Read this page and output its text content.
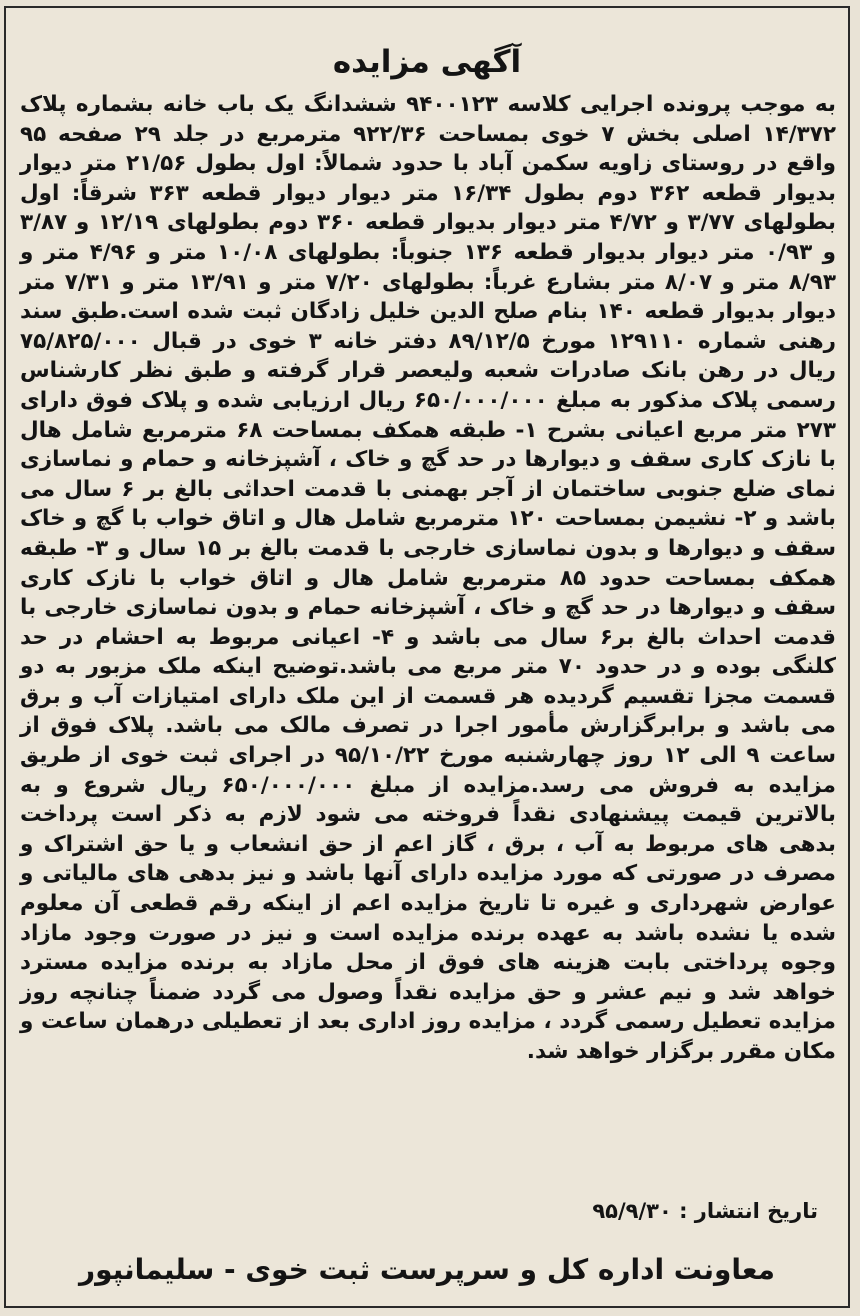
آگهی مزایده

به موجب پرونده اجرایی کلاسه ۹۴۰۰۱۲۳ ششدانگ یک باب خانه بشماره پلاک ۱۴/۳۷۲ اصلی بخش ۷ خوی بمساحت ۹۲۲/۳۶ مترمربع در جلد ۲۹ صفحه ۹۵ واقع در روستای زاویه سکمن آباد با حدود شمالاً: اول بطول ۲۱/۵۶ متر دیوار بدیوار قطعه ۳۶۲ دوم بطول ۱۶/۳۴ متر دیوار دیوار قطعه ۳۶۳ شرقاً: اول بطولهای ۳/۷۷ و ۴/۷۲ متر دیوار بدیوار قطعه ۳۶۰ دوم بطولهای ۱۲/۱۹ و ۳/۸۷ و ۰/۹۳ متر دیوار بدیوار قطعه ۱۳۶ جنوباً: بطولهای ۱۰/۰۸ متر و ۴/۹۶ متر و ۸/۹۳ متر و ۸/۰۷ متر بشارع غرباً: بطولهای ۷/۲۰ متر و ۱۳/۹۱ متر و ۷/۳۱ متر دیوار بدیوار قطعه ۱۴۰ بنام صلح الدین خلیل زادگان ثبت شده است.طبق سند رهنی شماره ۱۲۹۱۱۰ مورخ ۸۹/۱۲/۵ دفتر خانه ۳ خوی در قبال ۷۵/۸۲۵/۰۰۰ ریال در رهن بانک صادرات شعبه ولیعصر قرار گرفته و طبق نظر کارشناس رسمی پلاک مذکور به مبلغ ۶۵۰/۰۰۰/۰۰۰ ریال ارزیابی شده و پلاک فوق دارای ۲۷۳ متر مربع اعیانی بشرح ۱- طبقه همکف بمساحت ۶۸ مترمربع شامل هال با نازک کاری سقف و دیوارها در حد گچ و خاک ، آشپزخانه و حمام و نماسازی نمای ضلع جنوبی ساختمان از آجر بهمنی با قدمت احداثی بالغ بر ۶ سال می باشد و ۲- نشیمن بمساحت ۱۲۰ مترمربع شامل هال و اتاق خواب با گچ و خاک سقف و دیوارها و بدون نماسازی خارجی با قدمت بالغ بر ۱۵ سال و ۳- طبقه همکف بمساحت حدود ۸۵ مترمربع شامل هال و اتاق خواب با نازک کاری سقف و دیوارها در حد گچ و خاک ، آشپزخانه حمام و بدون نماسازی خارجی با قدمت احداث بالغ بر۶ سال می باشد و ۴- اعیانی مربوط به احشام در حد کلنگی بوده و در حدود ۷۰ متر مربع می باشد.توضیح اینکه ملک مزبور به دو قسمت مجزا تقسیم گردیده هر قسمت از این ملک دارای امتیازات آب و برق می باشد و برابرگزارش مأمور اجرا در تصرف مالک می باشد. پلاک فوق از ساعت ۹ الی ۱۲ روز چهارشنبه مورخ ۹۵/۱۰/۲۲ در اجرای ثبت خوی از طریق مزایده به فروش می رسد.مزایده از مبلغ ۶۵۰/۰۰۰/۰۰۰ ریال شروع و به بالاترین قیمت پیشنهادی نقداً فروخته می شود لازم به ذکر است پرداخت بدهی های مربوط به آب ، برق ، گاز اعم از حق انشعاب و یا حق اشتراک و مصرف در صورتی که مورد مزایده دارای آنها باشد و نیز بدهی های مالیاتی و عوارض شهرداری و غیره تا تاریخ مزایده اعم از اینکه رقم قطعی آن معلوم شده یا نشده باشد به عهده برنده مزایده است و نیز در صورت وجود مازاد وجوه پرداختی بابت هزینه های فوق از محل مازاد به برنده مزایده مسترد خواهد شد و نیم عشر و حق مزایده نقداً وصول می گردد ضمناً چنانچه روز مزایده تعطیل رسمی گردد ، مزایده روز اداری بعد از تعطیلی درهمان ساعت و مکان مقرر برگزار خواهد شد.

تاریخ انتشار : ۹۵/۹/۳۰
معاونت اداره کل و سرپرست ثبت خوی - سلیمانپور
